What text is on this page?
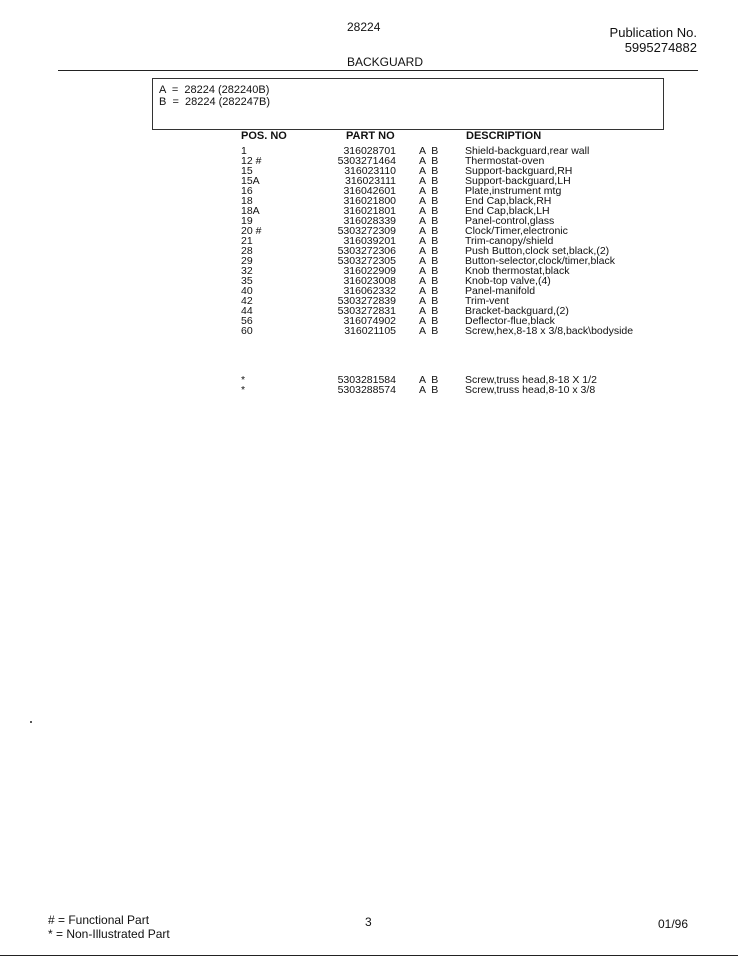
28224	Publication No.
5995274882
BACKGUARD
A  =  28224 (282240B)
B  =  28224 (282247B)
POS. NO	PART NO	DESCRIPTION
1	316028701 A  B	Shield-backguard,rear wall
12 #	5303271464 A  B	Thermostat-oven
15	316023110 A  B	Support-backguard,RH
15A	316023111 A  B	Support-backguard,LH
16	316042601 A  B	Plate,instrument mtg
18	316021800 A  B	End Cap,black,RH
18A	316021801 A  B	End Cap,black,LH
19	316028339 A  B	Panel-control,glass
20 #	5303272309 A  B	Clock/Timer,electronic
21	316039201 A  B	Trim-canopy/shield
28	5303272306 A  B	Push Button,clock set,black,(2)
29	5303272305 A  B	Button-selector,clock/timer,black
32	316022909 A  B	Knob thermostat,black
35	316023008 A  B	Knob-top valve,(4)
40	316062332 A  B	Panel-manifold
42	5303272839 A  B	Trim-vent
44	5303272831 A  B	Bracket-backguard,(2)
56	316074902 A  B	Deflector-flue,black
60	316021105 A  B	Screw,hex,8-18 x 3/8,back\bodyside
*	5303281584 A  B	Screw,truss head,8-18 X 1/2
*	5303288574 A  B	Screw,truss head,8-10 x 3/8
# = Functional Part
* = Non-Illustrated Part
3	01/96
